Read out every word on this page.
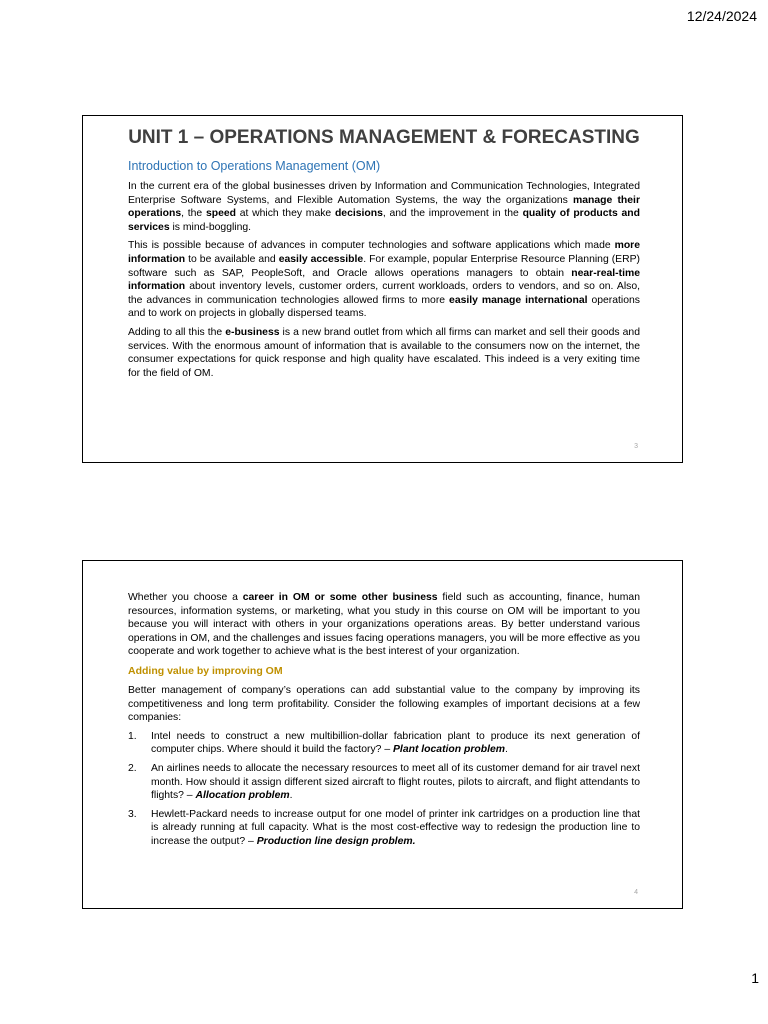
12/24/2024
UNIT 1 – OPERATIONS MANAGEMENT & FORECASTING
Introduction to Operations Management (OM)

In the current era of the global businesses driven by Information and Communication Technologies, Integrated Enterprise Software Systems, and Flexible Automation Systems, the way the organizations manage their operations, the speed at which they make decisions, and the improvement in the quality of products and services is mind-boggling.

This is possible because of advances in computer technologies and software applications which made more information to be available and easily accessible. For example, popular Enterprise Resource Planning (ERP) software such as SAP, PeopleSoft, and Oracle allows operations managers to obtain near-real-time information about inventory levels, customer orders, current workloads, orders to vendors, and so on. Also, the advances in communication technologies allowed firms to more easily manage international operations and to work on projects in globally dispersed teams.

Adding to all this the e-business is a new brand outlet from which all firms can market and sell their goods and services. With the enormous amount of information that is available to the consumers now on the internet, the consumer expectations for quick response and high quality have escalated. This indeed is a very exiting time for the field of OM.

3

Whether you choose a career in OM or some other business field such as accounting, finance, human resources, information systems, or marketing, what you study in this course on OM will be important to you because you will interact with others in your organizations operations areas. By better understand various operations in OM, and the challenges and issues facing operations managers, you will be more effective as you cooperate and work together to achieve what is the best interest of your organization.

Adding value by improving OM

Better management of company’s operations can add substantial value to the company by improving its competitiveness and long term profitability. Consider the following examples of important decisions at a few companies:

1. Intel needs to construct a new multibillion-dollar fabrication plant to produce its next generation of computer chips. Where should it build the factory? – Plant location problem.
2. An airlines needs to allocate the necessary resources to meet all of its customer demand for air travel next month. How should it assign different sized aircraft to flight routes, pilots to aircraft, and flight attendants to flights? – Allocation problem.
3. Hewlett-Packard needs to increase output for one model of printer ink cartridges on a production line that is already running at full capacity. What is the most cost-effective way to redesign the production line to increase the output? – Production line design problem.
4
1
